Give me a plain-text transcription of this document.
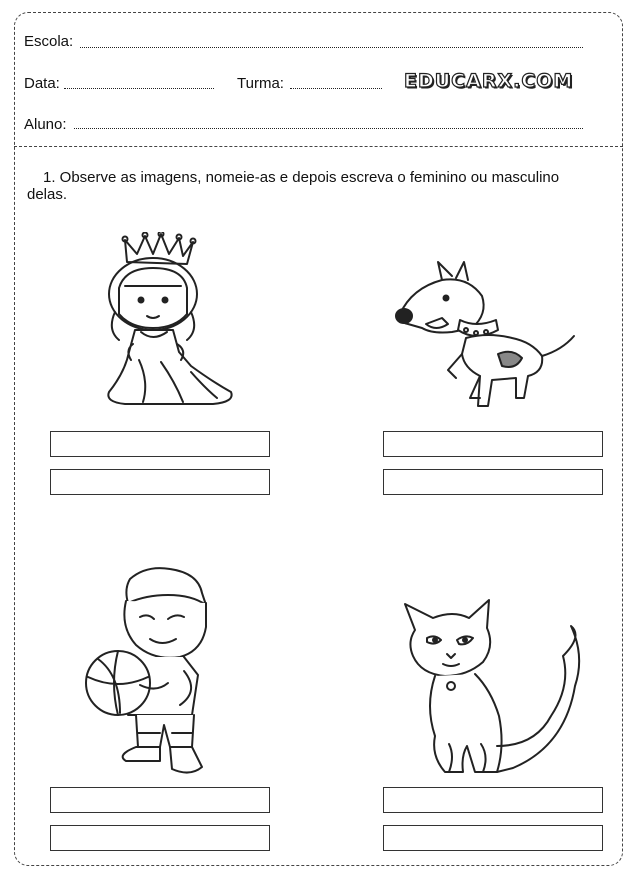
Escola:
Data:	Turma:	EDUCARX.COM
Aluno:
1. Observe as imagens, nomeie-as e depois escreva o feminino ou masculino delas.
